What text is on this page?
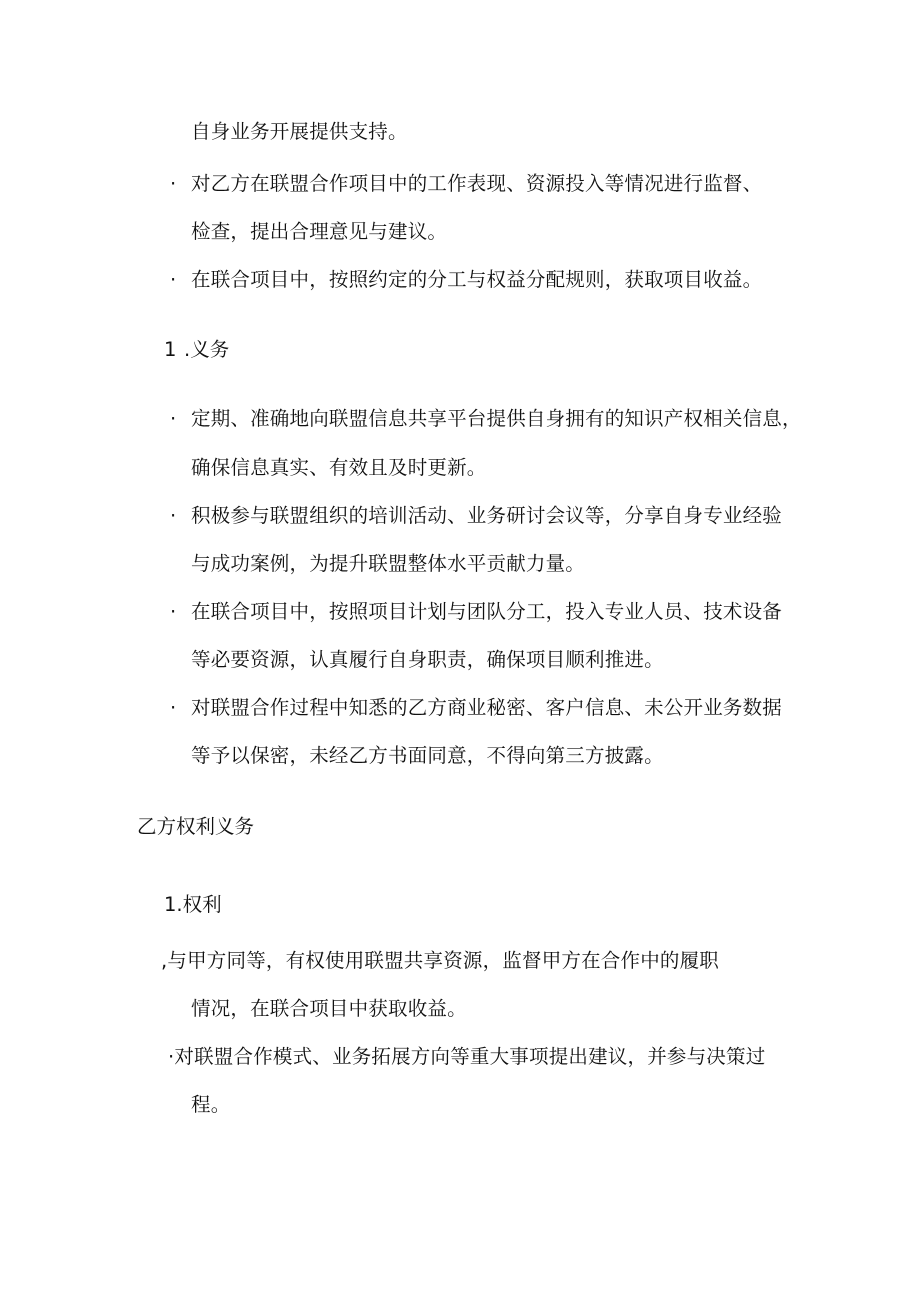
自身业务开展提供支持。
· 对乙方在联盟合作项目中的工作表现、资源投入等情况进行监督、
检查，提出合理意见与建议。
· 在联合项目中，按照约定的分工与权益分配规则，获取项目收益。
1 .义务
· 定期、准确地向联盟信息共享平台提供自身拥有的知识产权相关信息，
确保信息真实、有效且及时更新。
· 积极参与联盟组织的培训活动、业务研讨会议等，分享自身专业经验
与成功案例，为提升联盟整体水平贡献力量。
· 在联合项目中，按照项目计划与团队分工，投入专业人员、技术设备
等必要资源，认真履行自身职责，确保项目顺利推进。
· 对联盟合作过程中知悉的乙方商业秘密、客户信息、未公开业务数据
等予以保密，未经乙方书面同意，不得向第三方披露。
乙方权利义务
1.权利
,与甲方同等，有权使用联盟共享资源，监督甲方在合作中的履职
情况，在联合项目中获取收益。
·对联盟合作模式、业务拓展方向等重大事项提出建议，并参与决策过
程。
